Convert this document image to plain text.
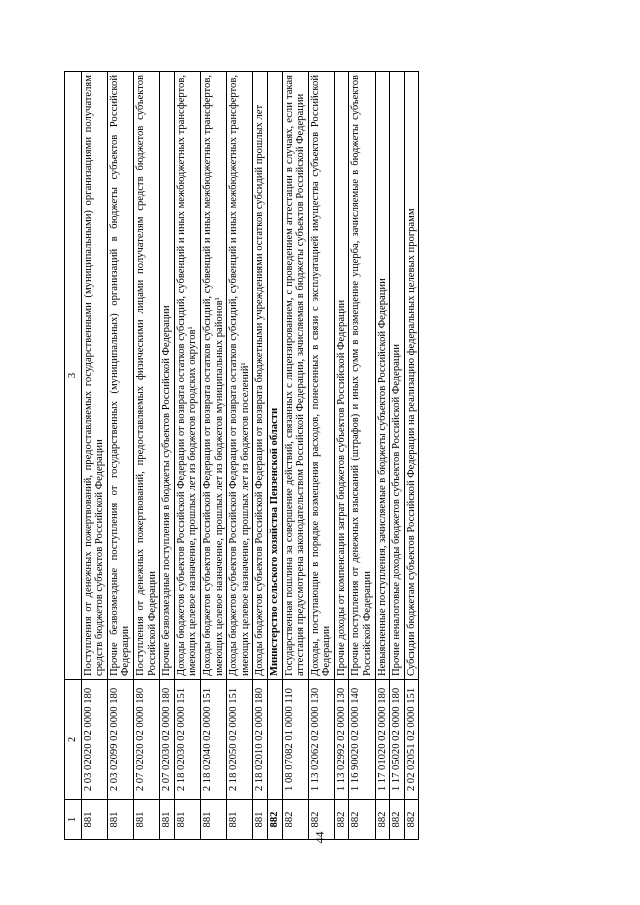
44
1	2	3
881	2 03 02020 02 0000 180	Поступления от денежных пожертвований, предоставляемых государственными (муниципальными) организациями получателям средств бюджетов субъектов Российской Федерации
881	2 03 02099 02 0000 180	Прочие безвозмездные поступления от государственных (муниципальных) организаций в бюджеты субъектов Российской Федерации
881	2 07 02020 02 0000 180	Поступления от денежных пожертвований, предоставляемых физическими лицами получателям средств бюджетов субъектов Российской Федерации
881	2 07 02030 02 0000 180	Прочие безвозмездные поступления в бюджеты субъектов Российской Федерации
881	2 18 02030 02 0000 151	Доходы бюджетов субъектов Российской Федерации от возврата остатков субсидий, субвенций и иных межбюджетных трансфертов, имеющих целевое назначение, прошлых лет из бюджетов городских округов¹
881	2 18 02040 02 0000 151	Доходы бюджетов субъектов Российской Федерации от возврата остатков субсидий, субвенций и иных межбюджетных трансфертов, имеющих целевое назначение, прошлых лет из бюджетов муниципальных районов¹
881	2 18 02050 02 0000 151	Доходы бюджетов субъектов Российской Федерации от возврата остатков субсидий, субвенций и иных межбюджетных трансфертов, имеющих целевое назначение, прошлых лет из бюджетов поселений¹
881	2 18 02010 02 0000 180	Доходы бюджетов субъектов Российской Федерации от возврата бюджетными учреждениями остатков субсидий прошлых лет
882		Министерство сельского хозяйства Пензенской области
882	1 08 07082 01 0000 110	Государственная пошлина за совершение действий, связанных с лицензированием, с проведением аттестации в случаях, если такая аттестация предусмотрена законодательством Российской Федерации, зачисляемая в бюджеты субъектов Российской Федерации
882	1 13 02062 02 0000 130	Доходы, поступающие в порядке возмещения расходов, понесенных в связи с эксплуатацией имущества субъектов Российской Федерации
882	1 13 02992 02 0000 130	Прочие доходы от компенсации затрат бюджетов субъектов Российской Федерации
882	1 16 90020 02 0000 140	Прочие поступления от денежных взысканий (штрафов) и иных сумм в возмещение ущерба, зачисляемые в бюджеты субъектов Российской Федерации
882	1 17 01020 02 0000 180	Невыясненные поступления, зачисляемые в бюджеты субъектов Российской Федерации
882	1 17 05020 02 0000 180	Прочие неналоговые доходы бюджетов субъектов Российской Федерации
882	2 02 02051 02 0000 151	Субсидии бюджетам субъектов Российской Федерации на реализацию федеральных целевых программ
